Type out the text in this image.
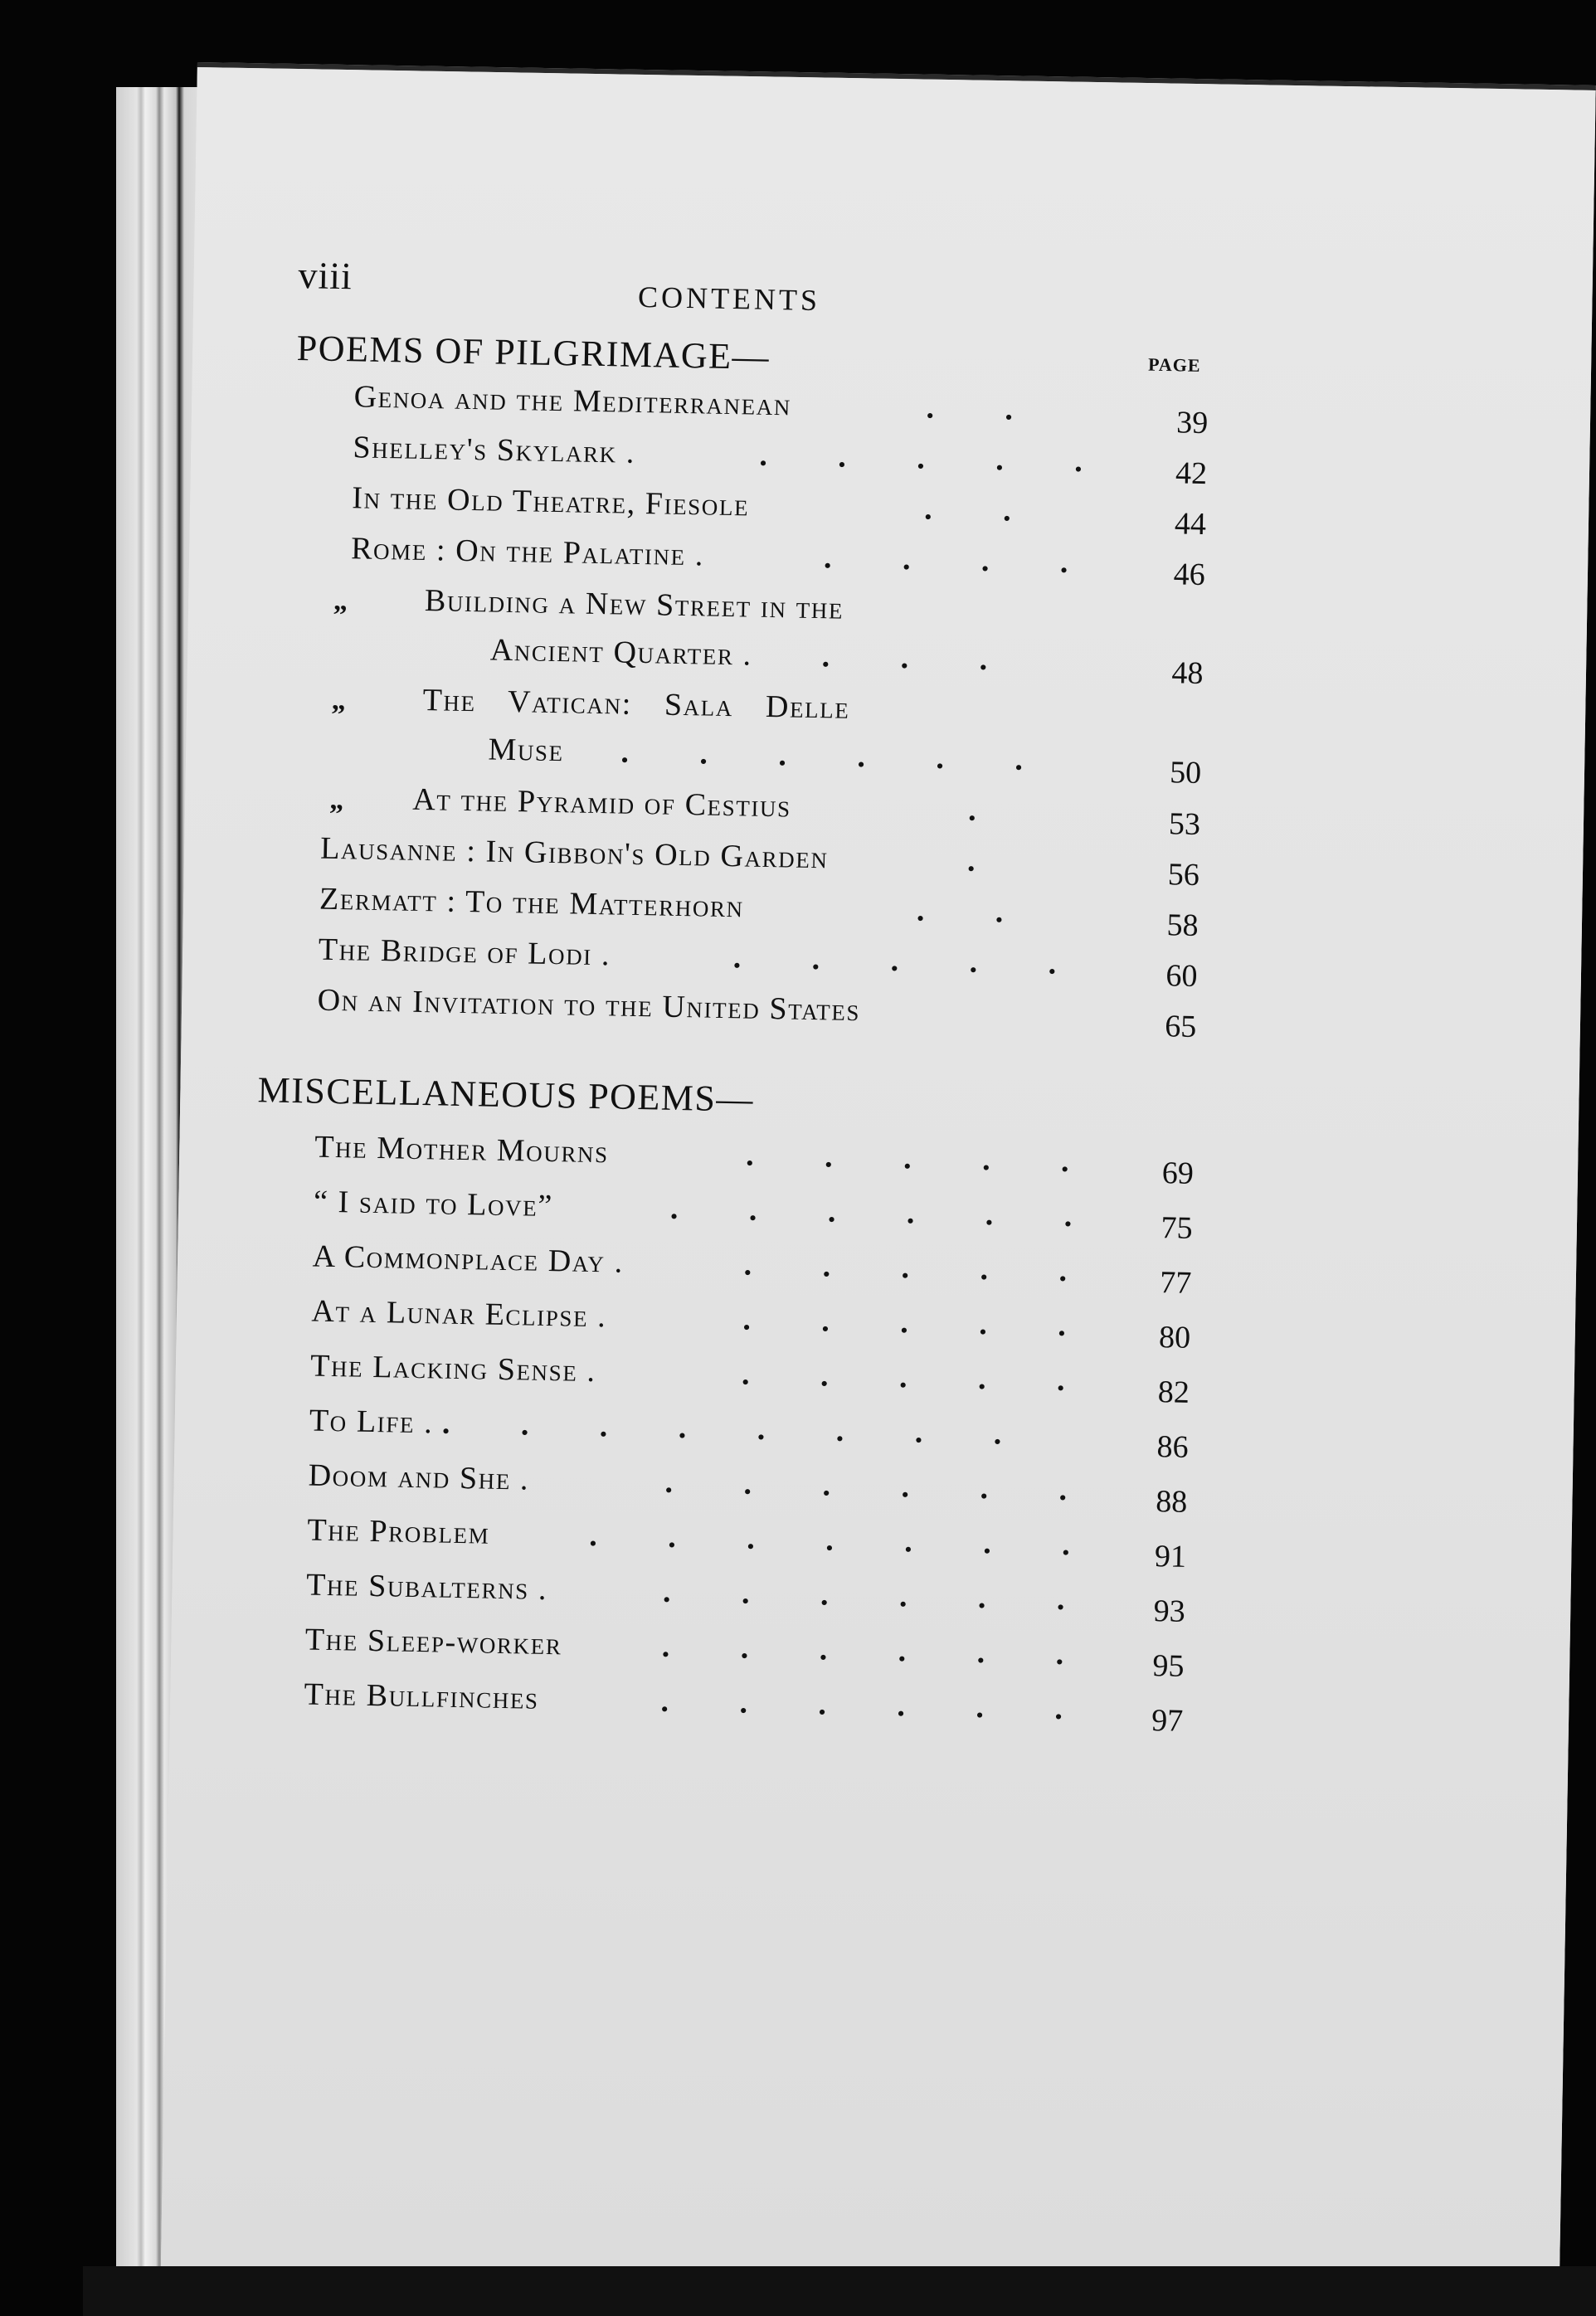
viii
CONTENTS
POEMS OF PILGRIMAGE—	PAGE
Genoa and the Mediterranean	. .	39
Shelley's Skylark .	. . . . . 42
In the Old Theatre, Fiesole	. .	44
Rome : On the Palatine .	. . . . 46
„ Building a New Street in the
Ancient Quarter . . . .	48
„ The Vatican: Sala Delle
Muse . . . . . .	50
„ At the Pyramid of Cestius	.	53
Lausanne : In Gibbon's Old Garden	.	56
Zermatt : To the Matterhorn	. .	58
The Bridge of Lodi .	. . . . . 60
On an Invitation to the United States	65
MISCELLANEOUS POEMS—
The Mother Mourns	. . . . . 69
“ I said to Love”	. . . . . . 75
A Commonplace Day .	. . . . . 77
At a Lunar Eclipse .	. . . . . 80
The Lacking Sense .	. . . . . 82
To Life . . . . . . . . .	86
Doom and She .	. . . . . . 88
The Problem	. . . . . . . 91
The Subalterns .	. . . . . . 93
The Sleep-worker	. . . . . . 95
The Bullfinches	. . . . . . 97
